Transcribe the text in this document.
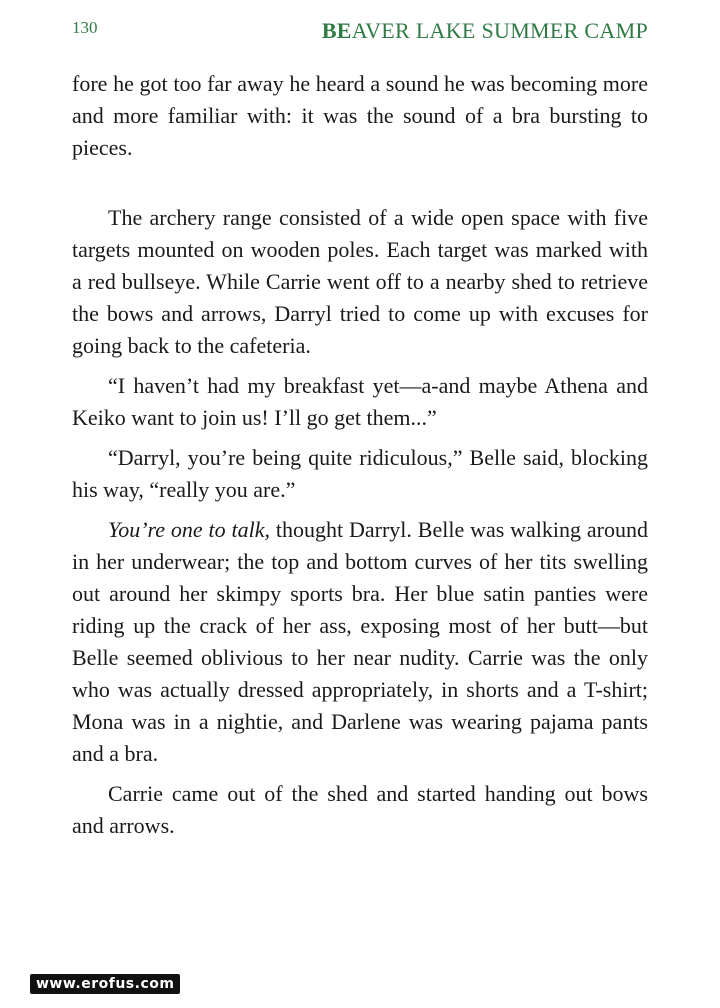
130	BEAVER LAKE SUMMER CAMP

fore he got too far away he heard a sound he was becoming more and more familiar with: it was the sound of a bra bursting to pieces.

The archery range consisted of a wide open space with five targets mounted on wooden poles. Each target was marked with a red bullseye. While Carrie went off to a nearby shed to retrieve the bows and arrows, Darryl tried to come up with excuses for going back to the cafeteria.

“I haven’t had my breakfast yet—a-and maybe Athena and Keiko want to join us! I’ll go get them...”

“Darryl, you’re being quite ridiculous,” Belle said, blocking his way, “really you are.”

You’re one to talk, thought Darryl. Belle was walking around in her underwear; the top and bottom curves of her tits swelling out around her skimpy sports bra. Her blue satin panties were riding up the crack of her ass, exposing most of her butt—but Belle seemed oblivious to her near nudity. Carrie was the only who was actually dressed appropriately, in shorts and a T-shirt; Mona was in a nightie, and Darlene was wearing pajama pants and a bra.

Carrie came out of the shed and started handing out bows and arrows.

www.erofus.com
